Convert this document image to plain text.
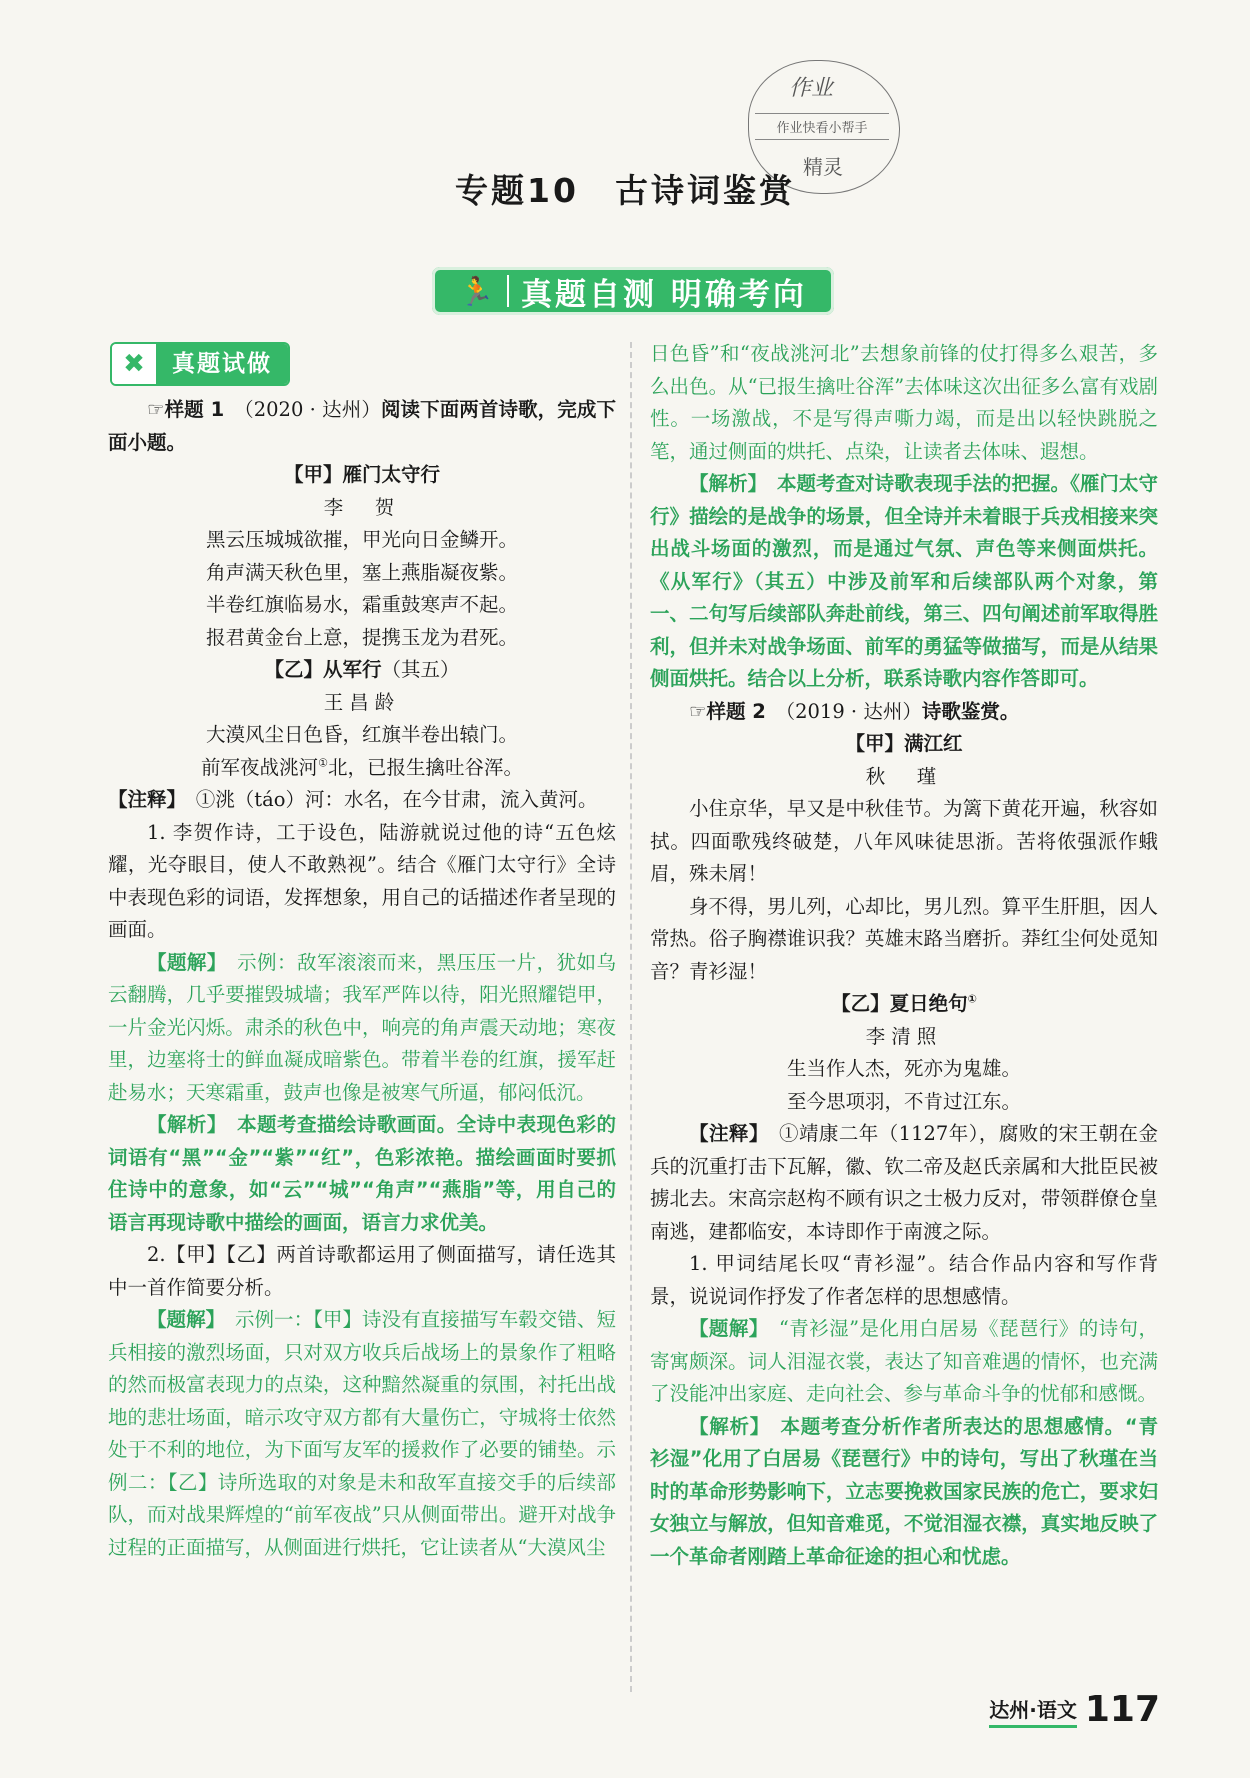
作业
作业快看小帮手
精灵
专题10　古诗词鉴赏
🏃 真题自测 明确考向
✖	真题试做

☞样题 1　 （2020 · 达州）阅读下面两首诗歌，完成下面小题。

【甲】雁门太守行

李　贺

黑云压城城欲摧，甲光向日金鳞开。

角声满天秋色里，塞上燕脂凝夜紫。

半卷红旗临易水，霜重鼓寒声不起。

报君黄金台上意，提携玉龙为君死。

【乙】从军行（其五）

王昌龄

大漠风尘日色昏，红旗半卷出辕门。

前军夜战洮河①北，已报生擒吐谷浑。

【注释】　 ①洮（táo）河：水名，在今甘肃，流入黄河。

1. 李贺作诗，工于设色，陆游就说过他的诗“五色炫耀，光夺眼目，使人不敢熟视”。结合《雁门太守行》全诗中表现色彩的词语，发挥想象，用自己的话描述作者呈现的画面。

【题解】　 示例：敌军滚滚而来，黑压压一片，犹如乌云翻腾，几乎要摧毁城墙；我军严阵以待，阳光照耀铠甲，一片金光闪烁。肃杀的秋色中，响亮的角声震天动地；寒夜里，边塞将士的鲜血凝成暗紫色。带着半卷的红旗，援军赶赴易水；天寒霜重，鼓声也像是被寒气所逼，郁闷低沉。

【解析】　 本题考查描绘诗歌画面。全诗中表现色彩的词语有“黑”“金”“紫”“红”，色彩浓艳。描绘画面时要抓住诗中的意象，如“云”“城”“角声”“燕脂”等，用自己的语言再现诗歌中描绘的画面，语言力求优美。

2.【甲】【乙】两首诗歌都运用了侧面描写，请任选其中一首作简要分析。

【题解】　 示例一：【甲】诗没有直接描写车毂交错、短兵相接的激烈场面，只对双方收兵后战场上的景象作了粗略的然而极富表现力的点染，这种黯然凝重的氛围，衬托出战地的悲壮场面，暗示攻守双方都有大量伤亡，守城将士依然处于不利的地位，为下面写友军的援救作了必要的铺垫。示例二：【乙】诗所选取的对象是未和敌军直接交手的后续部队，而对战果辉煌的“前军夜战”只从侧面带出。避开对战争过程的正面描写，从侧面进行烘托，它让读者从“大漠风尘

日色昏”和“夜战洮河北”去想象前锋的仗打得多么艰苦，多么出色。从“已报生擒吐谷浑”去体味这次出征多么富有戏剧性。一场激战，不是写得声嘶力竭，而是出以轻快跳脱之笔，通过侧面的烘托、点染，让读者去体味、遐想。

【解析】　 本题考查对诗歌表现手法的把握。《雁门太守行》描绘的是战争的场景，但全诗并未着眼于兵戎相接来突出战斗场面的激烈，而是通过气氛、声色等来侧面烘托。《从军行》（其五）中涉及前军和后续部队两个对象，第一、二句写后续部队奔赴前线，第三、四句阐述前军取得胜利，但并未对战争场面、前军的勇猛等做描写，而是从结果侧面烘托。结合以上分析，联系诗歌内容作答即可。

☞样题 2　 （2019 · 达州）诗歌鉴赏。

【甲】满江红

秋　瑾

小住京华，早又是中秋佳节。为篱下黄花开遍，秋容如拭。四面歌残终破楚，八年风味徒思浙。苦将侬强派作蛾眉，殊未屑！

身不得，男儿列，心却比，男儿烈。算平生肝胆，因人常热。俗子胸襟谁识我？英雄末路当磨折。莽红尘何处觅知音？青衫湿！

【乙】夏日绝句①

李清照

生当作人杰，死亦为鬼雄。

至今思项羽，不肯过江东。

【注释】　 ①靖康二年（1127年），腐败的宋王朝在金兵的沉重打击下瓦解，徽、钦二帝及赵氏亲属和大批臣民被掳北去。宋高宗赵构不顾有识之士极力反对，带领群僚仓皇南逃，建都临安，本诗即作于南渡之际。

1. 甲词结尾长叹“青衫湿”。结合作品内容和写作背景，说说词作抒发了作者怎样的思想感情。

【题解】　 “青衫湿”是化用白居易《琵琶行》的诗句，寄寓颇深。词人泪湿衣裳，表达了知音难遇的情怀，也充满了没能冲出家庭、走向社会、参与革命斗争的忧郁和感慨。

【解析】　 本题考查分析作者所表达的思想感情。“青衫湿”化用了白居易《琵琶行》中的诗句，写出了秋瑾在当时的革命形势影响下，立志要挽救国家民族的危亡，要求妇女独立与解放，但知音难觅，不觉泪湿衣襟，真实地反映了一个革命者刚踏上革命征途的担心和忧虑。

达州·语文 117
